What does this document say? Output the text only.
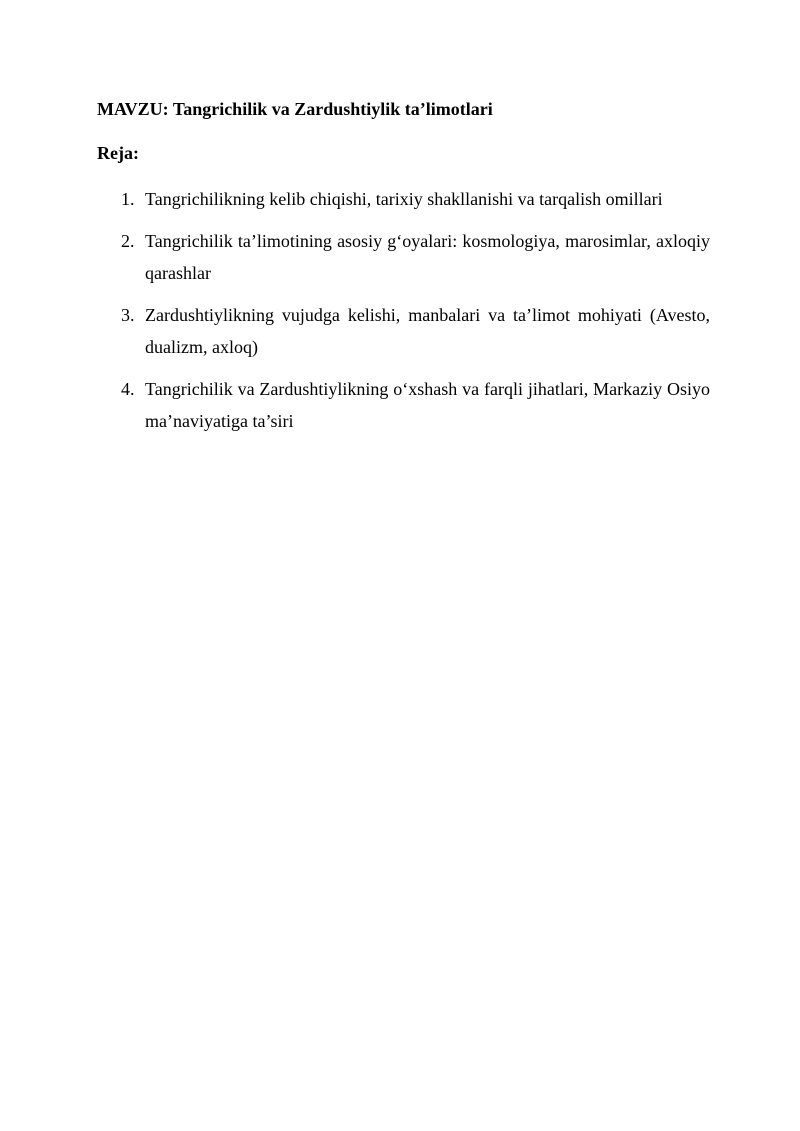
MAVZU: Tangrichilik va Zardushtiylik ta’limotlari
Reja:
1. Tangrichilikning kelib chiqishi, tarixiy shakllanishi va tarqalish omillari
2. Tangrichilik ta’limotining asosiy g‘oyalari: kosmologiya, marosimlar, axloqiy qarashlar
3. Zardushtiylikning vujudga kelishi, manbalari va ta’limot mohiyati (Avesto, dualizm, axloq)
4. Tangrichilik va Zardushtiylikning o‘xshash va farqli jihatlari, Markaziy Osiyo ma’naviyatiga ta’siri
